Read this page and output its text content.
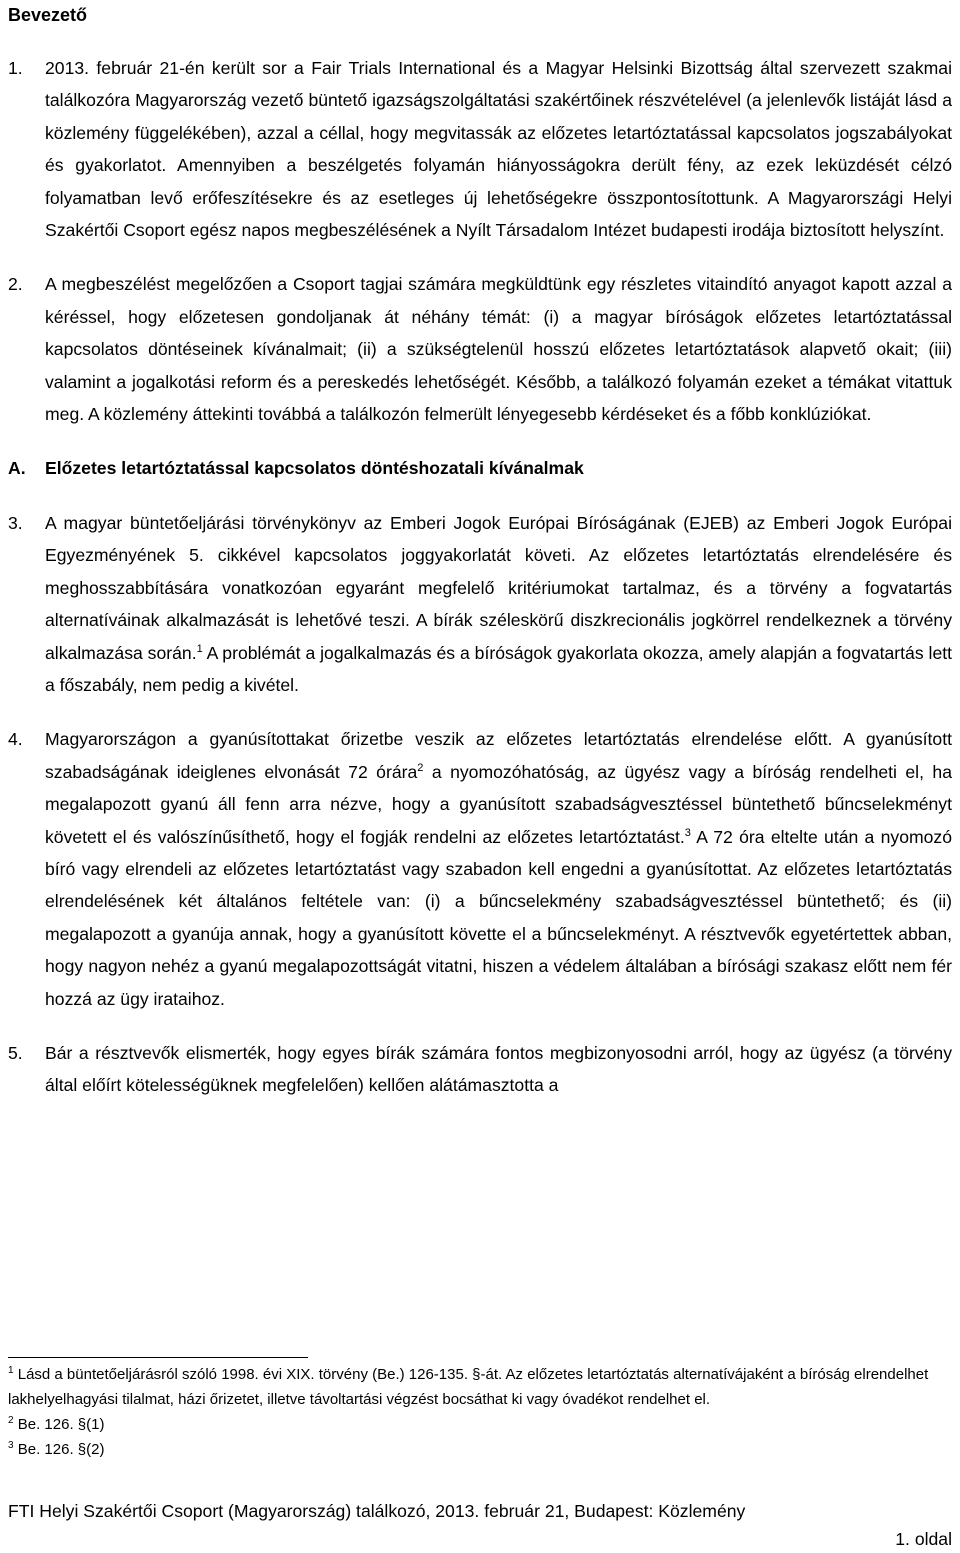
Bevezető

1. 2013. február 21-én került sor a Fair Trials International és a Magyar Helsinki Bizottság által szervezett szakmai találkozóra Magyarország vezető büntető igazságszolgáltatási szakértőinek részvételével (a jelenlevők listáját lásd a közlemény függelékében), azzal a céllal, hogy megvitassák az előzetes letartóztatással kapcsolatos jogszabályokat és gyakorlatot. Amennyiben a beszélgetés folyamán hiányosságokra derült fény, az ezek leküzdését célzó folyamatban levő erőfeszítésekre és az esetleges új lehetőségekre összpontosítottunk. A Magyarországi Helyi Szakértői Csoport egész napos megbeszélésének a Nyílt Társadalom Intézet budapesti irodája biztosított helyszínt.

2. A megbeszélést megelőzően a Csoport tagjai számára megküldtünk egy részletes vitaindító anyagot kapott azzal a kéréssel, hogy előzetesen gondoljanak át néhány témát: (i) a magyar bíróságok előzetes letartóztatással kapcsolatos döntéseinek kívánalmait; (ii) a szükségtelenül hosszú előzetes letartóztatások alapvető okait; (iii) valamint a jogalkotási reform és a pereskedés lehetőségét. Később, a találkozó folyamán ezeket a témákat vitattuk meg. A közlemény áttekinti továbbá a találkozón felmerült lényegesebb kérdéseket és a főbb konklúziókat.

A. Előzetes letartóztatással kapcsolatos döntéshozatali kívánalmak

3. A magyar büntetőeljárási törvénykönyv az Emberi Jogok Európai Bíróságának (EJEB) az Emberi Jogok Európai Egyezményének 5. cikkével kapcsolatos joggyakorlatát követi. Az előzetes letartóztatás elrendelésére és meghosszabbítására vonatkozóan egyaránt megfelelő kritériumokat tartalmaz, és a törvény a fogvatartás alternatíváinak alkalmazását is lehetővé teszi. A bírák széleskörű diszkrecionális jogkörrel rendelkeznek a törvény alkalmazása során.$^1$ A problémát a jogalkalmazás és a bíróságok gyakorlata okozza, amely alapján a fogvatartás lett a főszabály, nem pedig a kivétel.

4. Magyarországon a gyanúsítottakat őrizetbe veszik az előzetes letartóztatás elrendelése előtt. A gyanúsított szabadságának ideiglenes elvonását 72 órára$^2$ a nyomozóhatóság, az ügyész vagy a bíróság rendelheti el, ha megalapozott gyanú áll fenn arra nézve, hogy a gyanúsított szabadságvesztéssel büntethető bűncselekményt követett el és valószínűsíthető, hogy el fogják rendelni az előzetes letartóztatást.$^3$ A 72 óra eltelte után a nyomozó bíró vagy elrendeli az előzetes letartóztatást vagy szabadon kell engedni a gyanúsítottat. Az előzetes letartóztatás elrendelésének két általános feltétele van: (i) a bűncselekmény szabadságvesztéssel büntethető; és (ii) megalapozott a gyanúja annak, hogy a gyanúsított követte el a bűncselekményt. A résztvevők egyetértettek abban, hogy nagyon nehéz a gyanú megalapozottságát vitatni, hiszen a védelem általában a bírósági szakasz előtt nem fér hozzá az ügy irataihoz.

5. Bár a résztvevők elismerték, hogy egyes bírák számára fontos megbizonyosodni arról, hogy az ügyész (a törvény által előírt kötelességüknek megfelelően) kellően alátámasztotta a

$^1$ Lásd a büntetőeljárásról szóló 1998. évi XIX. törvény (Be.) 126-135. §-át. Az előzetes letartóztatás alternatívájaként a bíróság elrendelhet lakhelyelhagyási tilalmat, házi őrizetet, illetve távoltartási végzést bocsáthat ki vagy óvadékot rendelhet el.

$^2$ Be. 126. §(1)

$^3$ Be. 126. §(2)

FTI Helyi Szakértői Csoport (Magyarország) találkozó, 2013. február 21, Budapest: Közlemény
1. oldal
